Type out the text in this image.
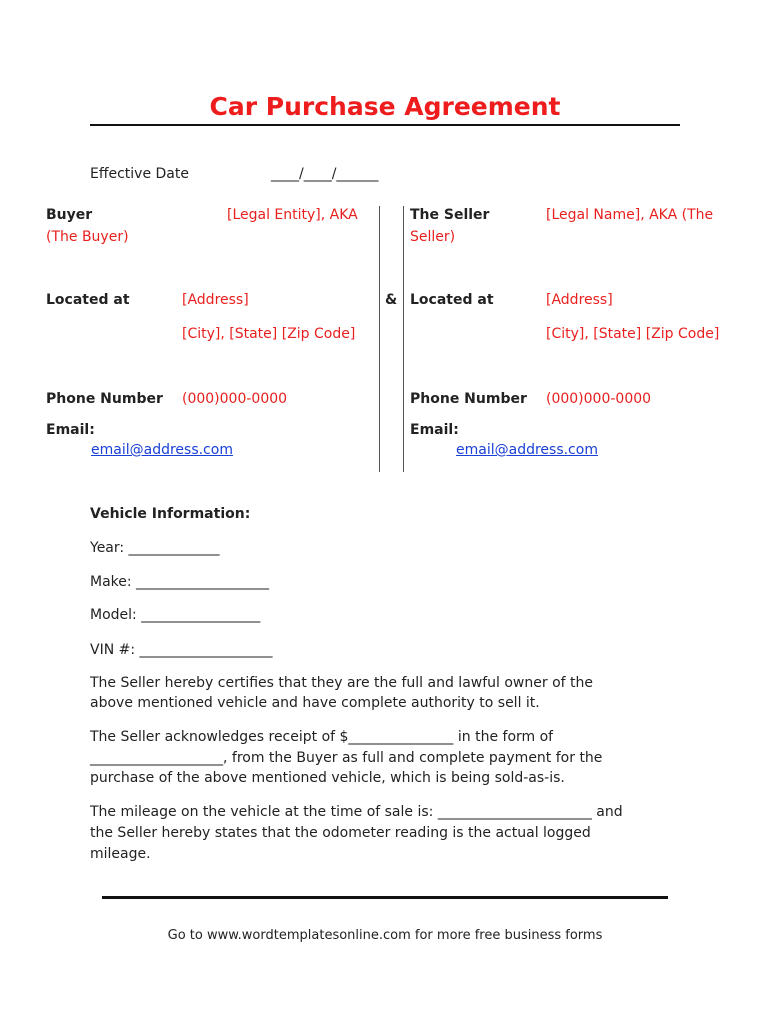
Car Purchase Agreement
Effective Date	____/____/______
Buyer	[Legal Entity], AKA
(The Buyer)
Located at	[Address]
[City], [State] [Zip Code]
Phone Number (000)000-0000
Email:
email@address.com
&
The Seller	[Legal Name], AKA (The
Seller)
Located at	[Address]
[City], [State] [Zip Code]
Phone Number (000)000-0000
Email:
email@address.com
Vehicle Information:
Year: _____________
Make: ___________________
Model: _________________
VIN #: ___________________
The Seller hereby certifies that they are the full and lawful owner of the
above mentioned vehicle and have complete authority to sell it.
The Seller acknowledges receipt of $_______________ in the form of
___________________, from the Buyer as full and complete payment for the
purchase of the above mentioned vehicle, which is being sold-as-is.
The mileage on the vehicle at the time of sale is: ______________________ and
the Seller hereby states that the odometer reading is the actual logged
mileage.
Go to www.wordtemplatesonline.com for more free business forms
